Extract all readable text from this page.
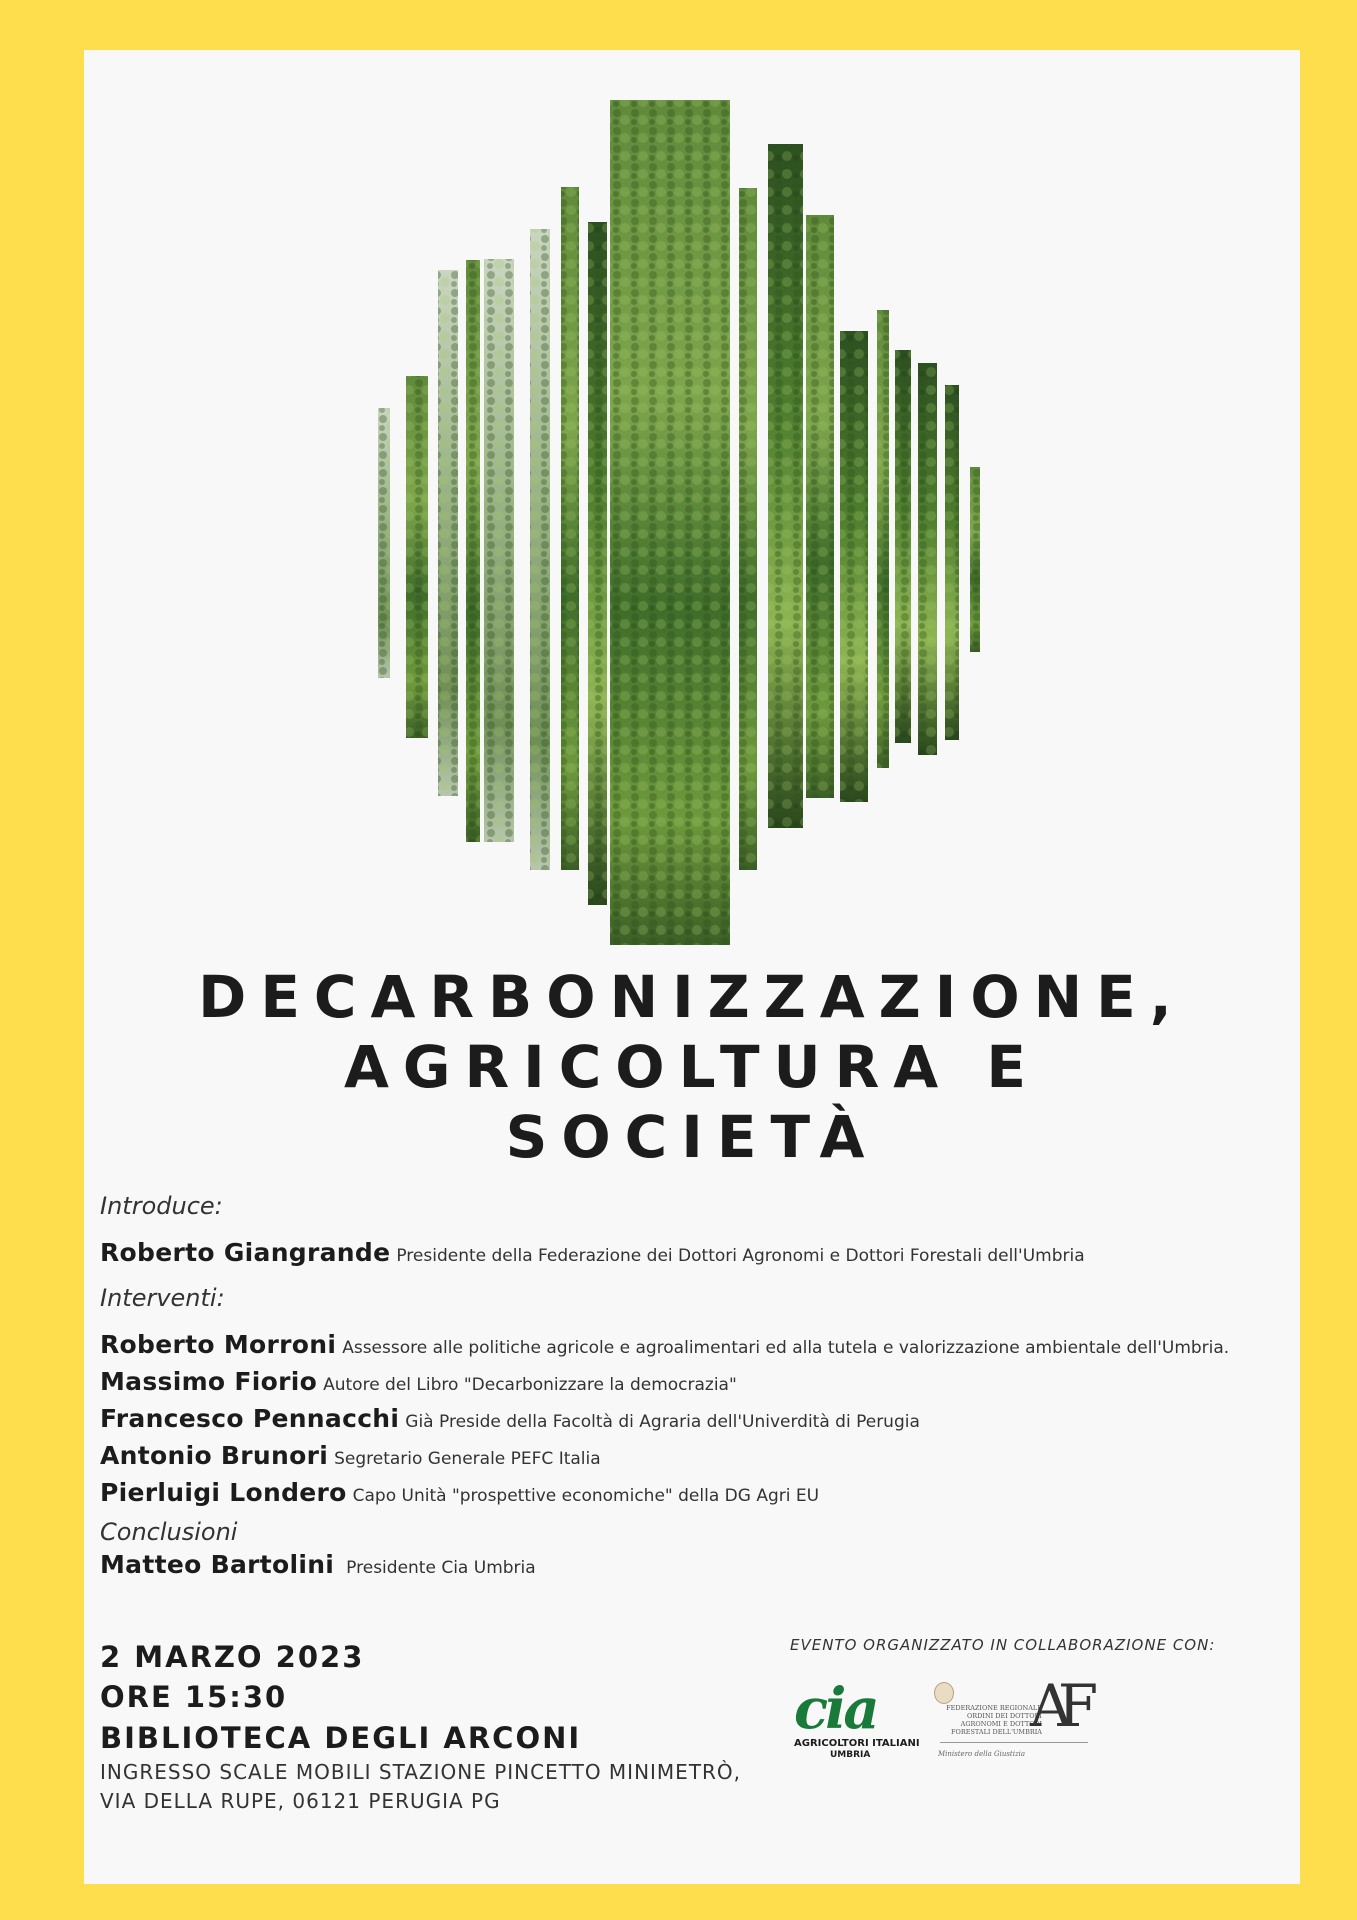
DECARBONIZZAZIONE,
AGRICOLTURA E
SOCIETÀ
Introduce:
Roberto Giangrande Presidente della Federazione dei Dottori Agronomi e Dottori Forestali dell'Umbria
Interventi:
Roberto Morroni Assessore alle politiche agricole e agroalimentari ed alla tutela e valorizzazione ambientale dell'Umbria.
Massimo Fiorio Autore del Libro "Decarbonizzare la democrazia"
Francesco Pennacchi Già Preside della Facoltà di Agraria dell'Univerdità di Perugia
Antonio Brunori Segretario Generale PEFC Italia
Pierluigi Londero Capo Unità "prospettive economiche" della DG Agri EU
Conclusioni
Matteo Bartolini Presidente Cia Umbria
2 MARZO 2023
ORE 15:30
BIBLIOTECA DEGLI ARCONI
INGRESSO SCALE MOBILI STAZIONE PINCETTO MINIMETRÒ, VIA DELLA RUPE, 06121 PERUGIA PG
EVENTO ORGANIZZATO IN COLLABORAZIONE CON:
cia
AGRICOLTORI ITALIANI
UMBRIA
FEDERAZIONE REGIONALE ORDINI DEI DOTTORI AGRONOMI E DOTTORI FORESTALI DELL'UMBRIA
AF
Ministero della Giustizia
